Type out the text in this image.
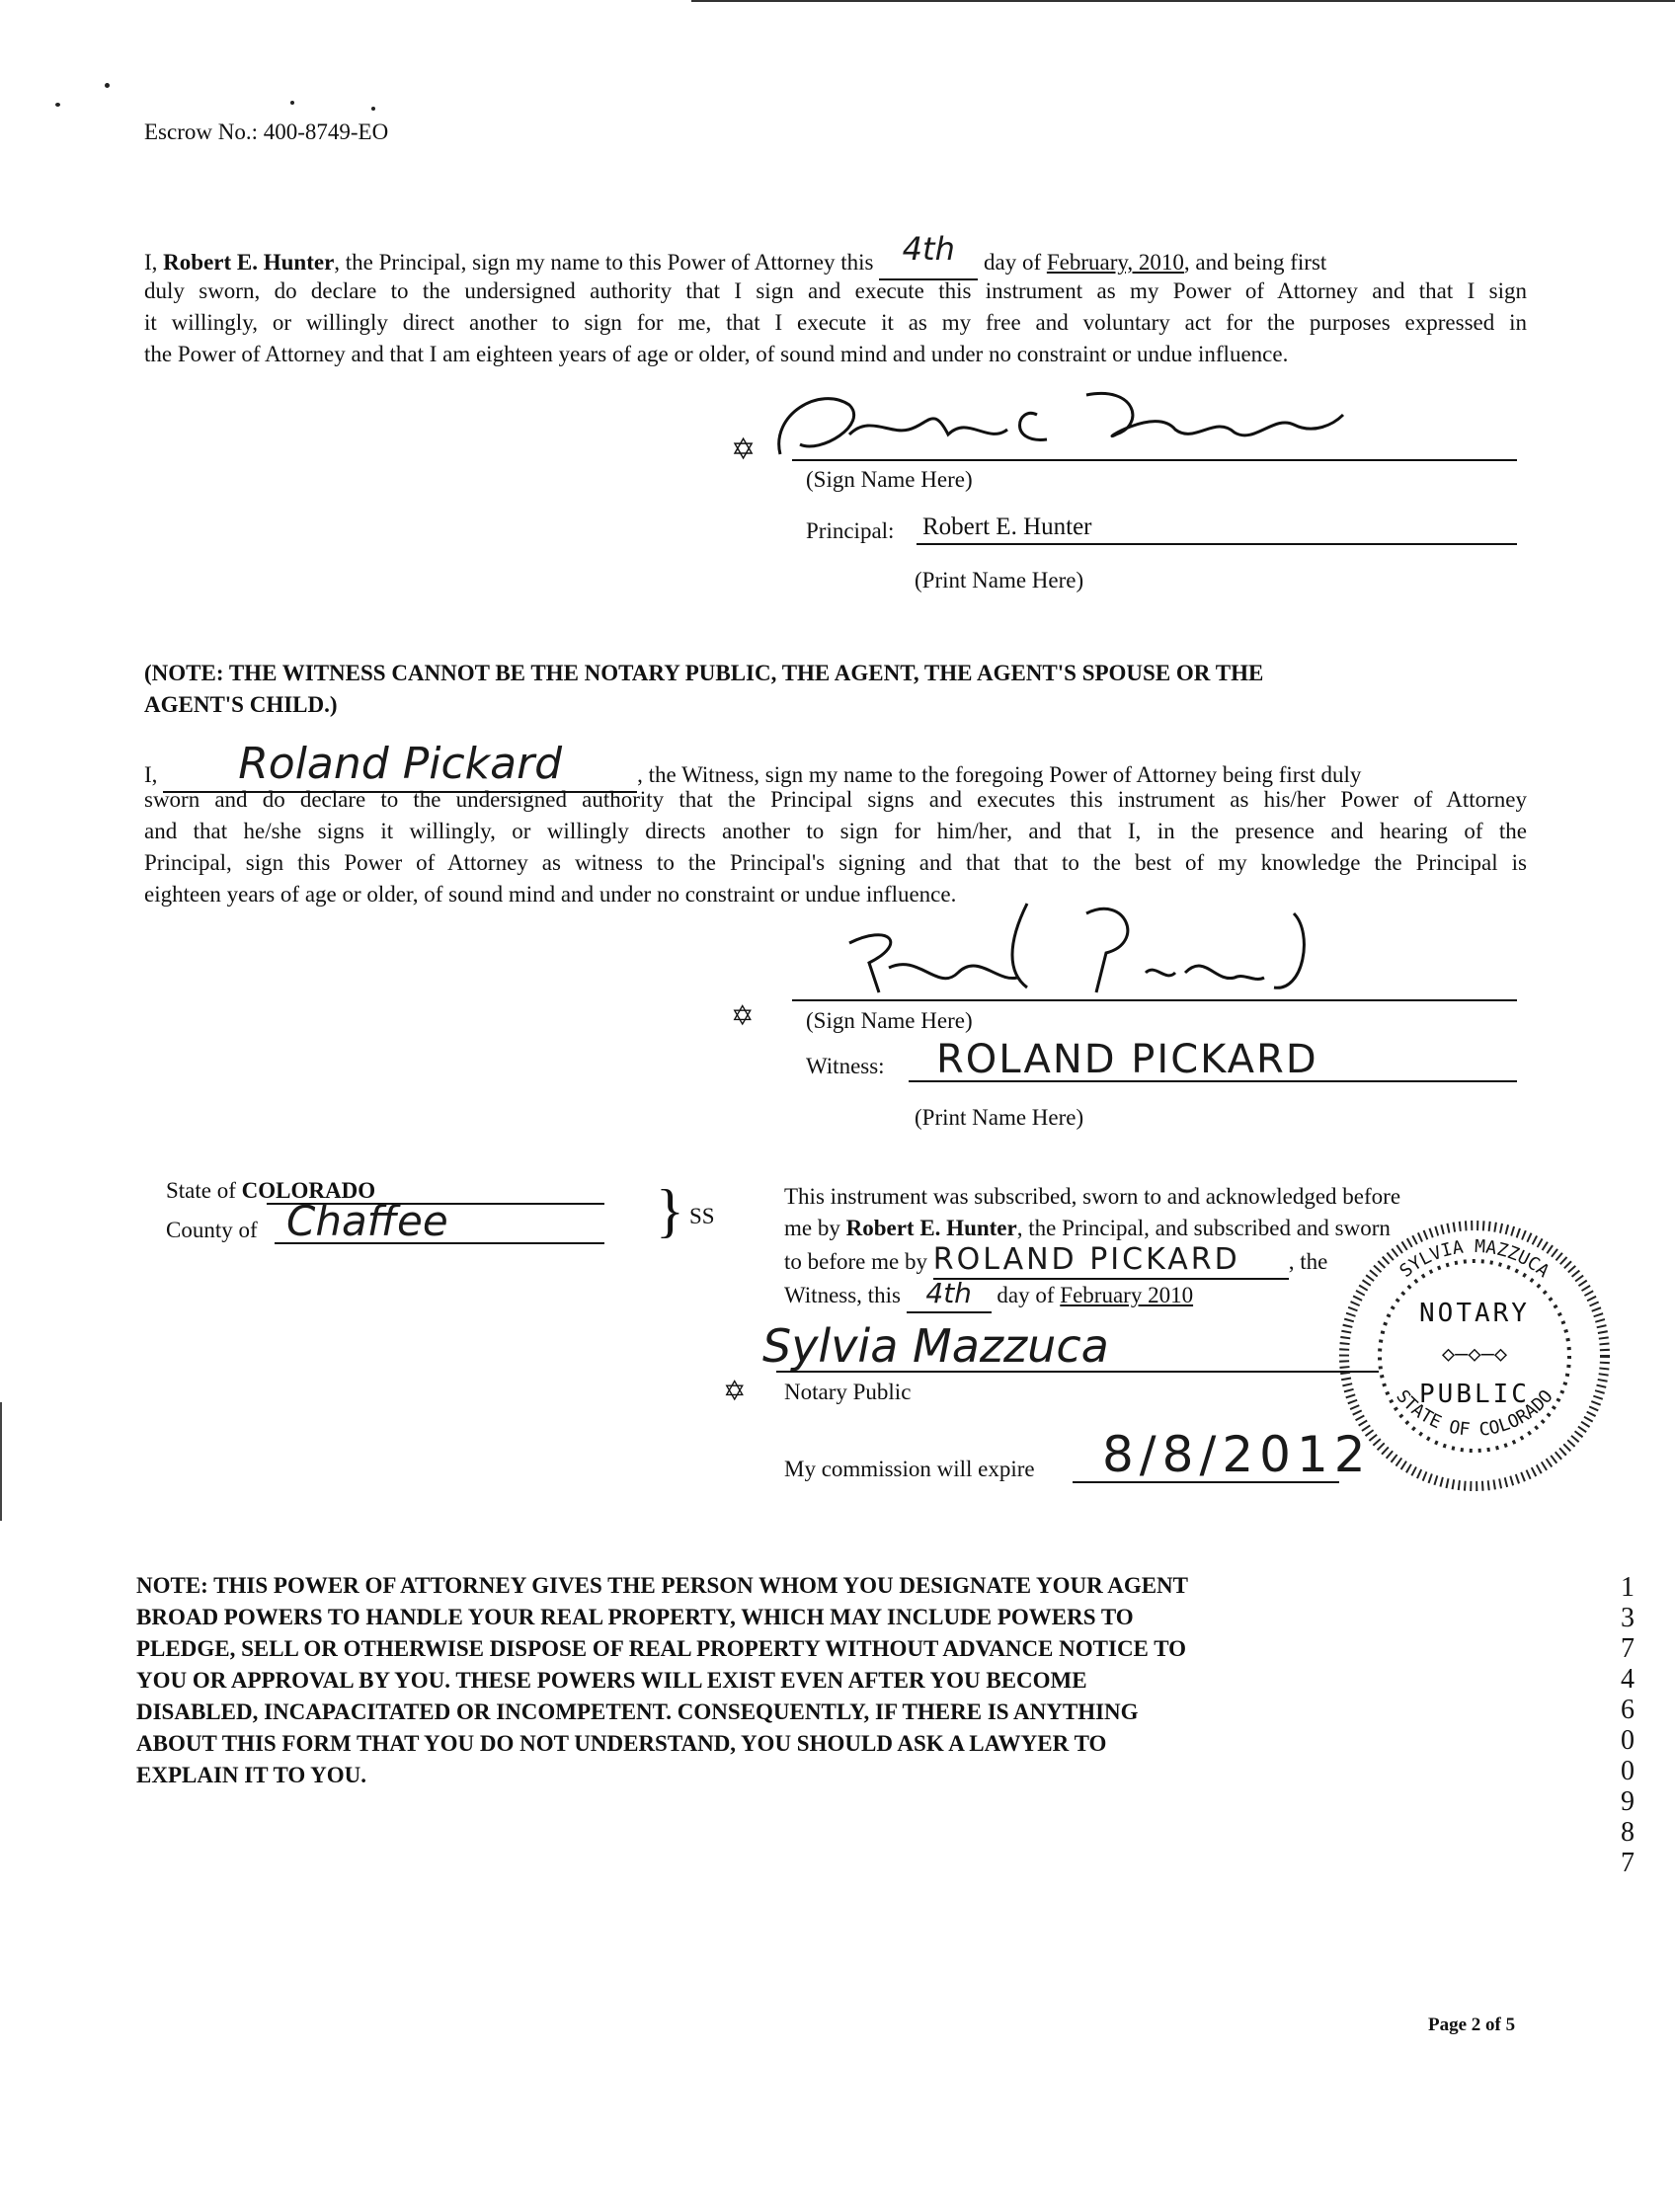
Escrow No.: 400-8749-EO
I, Robert E. Hunter, the Principal, sign my name to this Power of Attorney this 4th day of February, 2010, and being first
duly sworn, do declare to the undersigned authority that I sign and execute this instrument as my Power of Attorney and that I sign
it willingly, or willingly direct another to sign for me, that I execute it as my free and voluntary act for the purposes expressed in
the Power of Attorney and that I am eighteen years of age or older, of sound mind and under no constraint or undue influence.
✡
(Sign Name Here)
Principal: Robert E. Hunter
(Print Name Here)
(NOTE: THE WITNESS CANNOT BE THE NOTARY PUBLIC, THE AGENT, THE AGENT'S SPOUSE OR THE
AGENT'S CHILD.)
I, Roland Pickard	, the Witness, sign my name to the foregoing Power of Attorney being first duly
sworn and do declare to the undersigned authority that the Principal signs and executes this instrument as his/her Power of Attorney
and that he/she signs it willingly, or willingly directs another to sign for him/her, and that I, in the presence and hearing of the
Principal, sign this Power of Attorney as witness to the Principal's signing and that that to the best of my knowledge the Principal is
eighteen years of age or older, of sound mind and under no constraint or undue influence.
✡ (Sign Name Here)
Witness: ROLAND PICKARD
(Print Name Here)
State of COLORADO
County of Chaffee	} SS
This instrument was subscribed, sworn to and acknowledged before
me by Robert E. Hunter, the Principal, and subscribed and sworn
to before me by ROLAND PICKARD , the
Witness, this 4th day of February 2010
Sylvia Mazzuca
✡ Notary Public
My commission will expire 8/8/2012
SYLVIA MAZZUCA
STATE OF COLORADO
NOTARY
◇—◇—◇
PUBLIC
NOTE: THIS POWER OF ATTORNEY GIVES THE PERSON WHOM YOU DESIGNATE YOUR AGENT
BROAD POWERS TO HANDLE YOUR REAL PROPERTY, WHICH MAY INCLUDE POWERS TO
PLEDGE, SELL OR OTHERWISE DISPOSE OF REAL PROPERTY WITHOUT ADVANCE NOTICE TO
YOU OR APPROVAL BY YOU. THESE POWERS WILL EXIST EVEN AFTER YOU BECOME
DISABLED, INCAPACITATED OR INCOMPETENT. CONSEQUENTLY, IF THERE IS ANYTHING
ABOUT THIS FORM THAT YOU DO NOT UNDERSTAND, YOU SHOULD ASK A LAWYER TO
EXPLAIN IT TO YOU.
1374600987
Page 2 of 5
